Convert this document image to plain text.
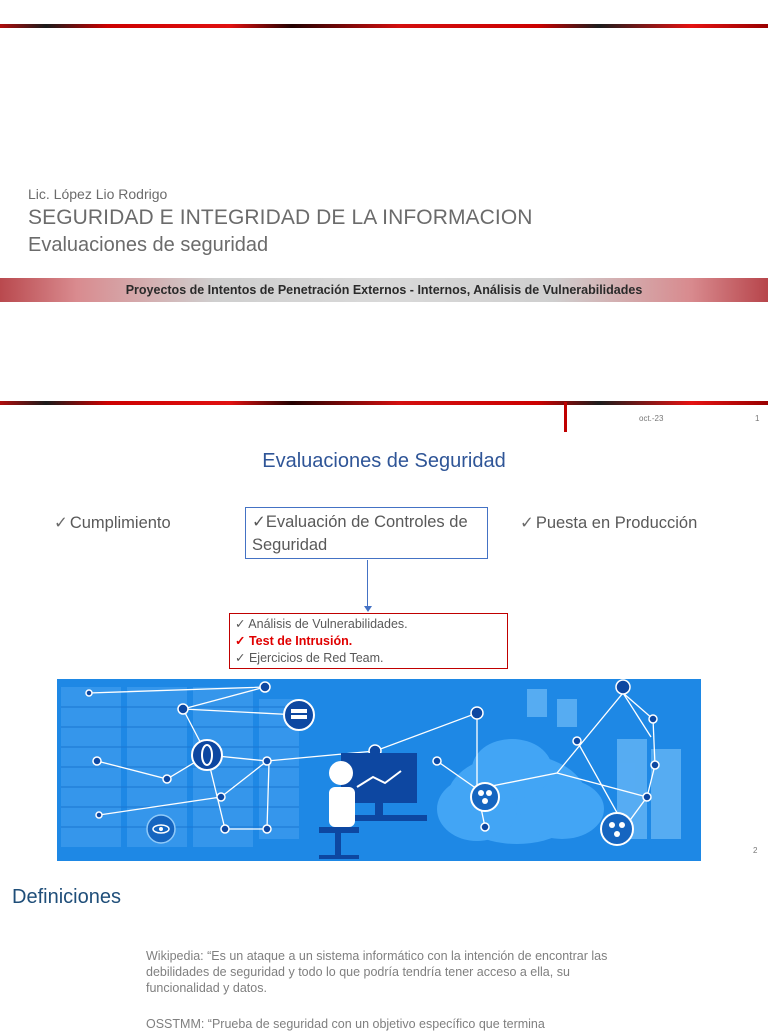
Lic. López Lio Rodrigo
SEGURIDAD E INTEGRIDAD DE LA INFORMACION
Evaluaciones de seguridad
Proyectos de Intentos de Penetración Externos - Internos, Análisis de Vulnerabilidades
oct.-23	1
Evaluaciones de Seguridad
✓ Cumplimiento	✓Evaluación de Controles de Seguridad
✓ Puesta en Producción
✓ Análisis de Vulnerabilidades.
✓ Test de Intrusión.
✓ Ejercicios de Red Team.
2
Definiciones
Wikipedia: “Es un ataque a un sistema informático con la intención de encontrar las debilidades de seguridad y todo lo que podría tendría tener acceso a ella, su funcionalidad y datos.
OSSTMM: “Prueba de seguridad con un objetivo específico que termina
